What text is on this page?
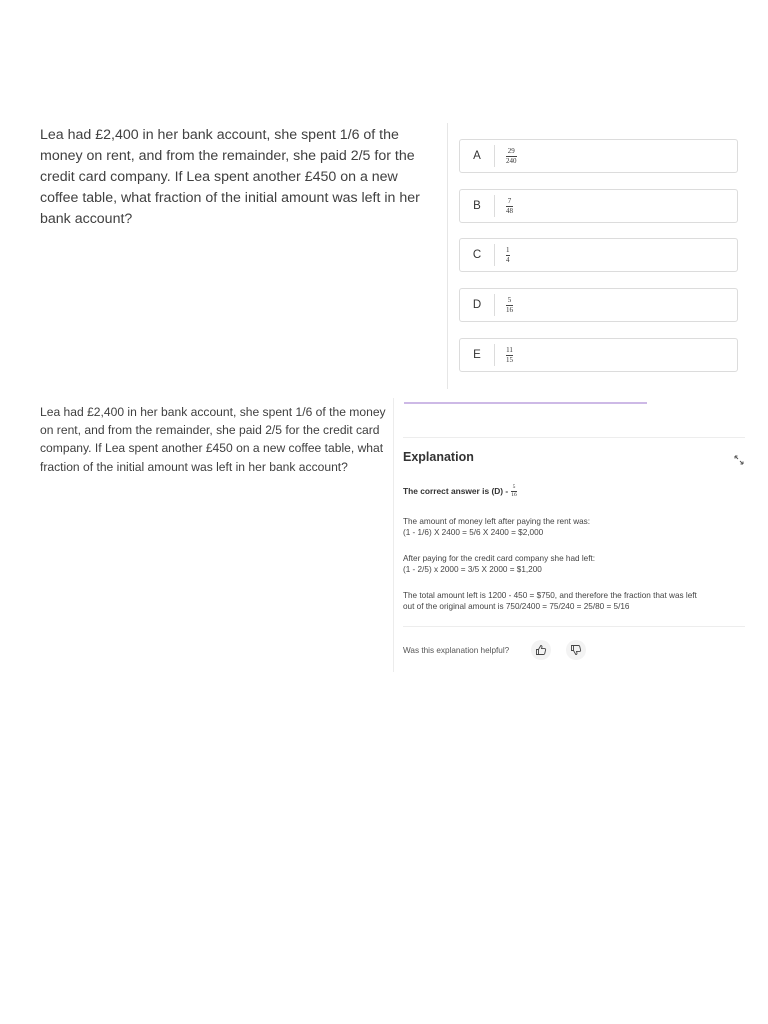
Lea had £2,400 in her bank account, she spent 1/6 of the money on rent, and from the remainder, she paid 2/5 for the credit card company. If Lea spent another £450 on a new coffee table, what fraction of the initial amount was left in her bank account?
A	$\frac{29}{240}$
B	$\frac{7}{48}$
C	$\frac{1}{4}$
D	$\frac{5}{16}$
E	$\frac{11}{15}$
Lea had £2,400 in her bank account, she spent 1/6 of the money on rent, and from the remainder, she paid 2/5 for the credit card company. If Lea spent another £450 on a new coffee table, what fraction of the initial amount was left in her bank account?
Explanation
The correct answer is $(D) - \frac{5}{16}$
The amount of money left after paying the rent was:
(1 - 1/6) X 2400 = 5/6 X 2400 = $2,000
After paying for the credit card company she had left:
(1 - 2/5) x 2000 = 3/5 X 2000 = $1,200
The total amount left is 1200 - 450 = $750, and therefore the fraction that was left
out of the original amount is 750/2400 = 75/240 = 25/80 = 5/16
Was this explanation helpful?
